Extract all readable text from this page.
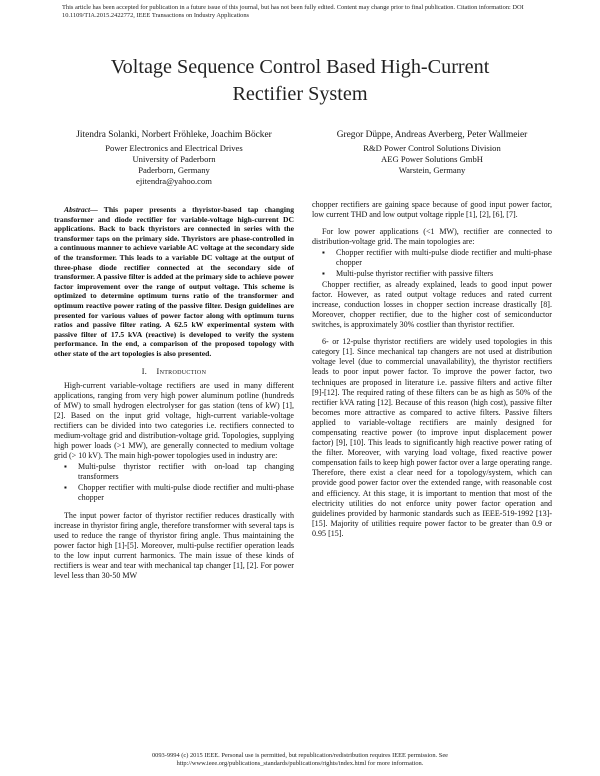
This article has been accepted for publication in a future issue of this journal, but has not been fully edited. Content may change prior to final publication. Citation information: DOI 10.1109/TIA.2015.2422772, IEEE Transactions on Industry Applications
Voltage Sequence Control Based High-Current
Rectifier System
Jitendra Solanki, Norbert Fröhleke, Joachim Böcker
Power Electronics and Electrical Drives
University of Paderborn
Paderborn, Germany
ejitendra@yahoo.com
Gregor Düppe, Andreas Averberg, Peter Wallmeier
R&D Power Control Solutions Division
AEG Power Solutions GmbH
Warstein, Germany

Abstract— This paper presents a thyristor-based tap changing transformer and diode rectifier for variable-voltage high-current DC applications. Back to back thyristors are connected in series with the transformer taps on the primary side. Thyristors are phase-controlled in a continuous manner to achieve variable AC voltage at the secondary side of the transformer. This leads to a variable DC voltage at the output of three-phase diode rectifier connected at the secondary side of transformer. A passive filter is added at the primary side to achieve power factor improvement over the range of output voltage. This scheme is optimized to determine optimum turns ratio of the transformer and optimum reactive power rating of the passive filter. Design guidelines are presented for various values of power factor along with optimum turns ratios and passive filter rating. A 62.5 kW experimental system with passive filter of 17.5 kVA (reactive) is developed to verify the system performance. In the end, a comparison of the proposed topology with other state of the art topologies is also presented.

I. Introduction

High-current variable-voltage rectifiers are used in many different applications, ranging from very high power aluminum potline (hundreds of MW) to small hydrogen electrolyser for gas station (tens of kW) [1], [2]. Based on the input grid voltage, high-current variable-voltage rectifiers can be divided into two categories i.e. rectifiers connected to medium-voltage grid and distribution-voltage grid. Topologies, supplying high power loads (>1 MW), are generally connected to medium voltage grid (> 10 kV). The main high-power topologies used in industry are:

▪ Multi-pulse thyristor rectifier with on-load tap changing transformers
▪ Chopper rectifier with multi-pulse diode rectifier and multi-phase chopper

The input power factor of thyristor rectifier reduces drastically with increase in thyristor firing angle, therefore transformer with several taps is used to reduce the range of thyristor firing angle. Thus maintaining the power factor high [1]-[5]. Moreover, multi-pulse rectifier operation leads to the low input current harmonics. The main issue of these kinds of rectifiers is wear and tear with mechanical tap changer [1], [2]. For power level less than 30-50 MW

chopper rectifiers are gaining space because of good input power factor, low current THD and low output voltage ripple [1], [2], [6], [7].

For low power applications (<1 MW), rectifier are connected to distribution-voltage grid. The main topologies are:

▪ Chopper rectifier with multi-pulse diode rectifier and multi-phase chopper
▪ Multi-pulse thyristor rectifier with passive filters

Chopper rectifier, as already explained, leads to good input power factor. However, as rated output voltage reduces and rated current increase, conduction losses in chopper section increase drastically [8]. Moreover, chopper rectifier, due to the higher cost of semiconductor switches, is approximately 30% costlier than thyristor rectifier.

6- or 12-pulse thyristor rectifiers are widely used topologies in this category [1]. Since mechanical tap changers are not used at distribution voltage level (due to commercial unavailability), the thyristor rectifiers leads to poor input power factor. To improve the power factor, two techniques are proposed in literature i.e. passive filters and active filter [9]-[12]. The required rating of these filters can be as high as 50% of the rectifier kVA rating [12]. Because of this reason (high cost), passive filter becomes more attractive as compared to active filters. Passive filters applied to variable-voltage rectifiers are mainly designed for compensating reactive power (to improve input displacement power factor) [9], [10]. This leads to significantly high reactive power rating of the filter. Moreover, with varying load voltage, fixed reactive power compensation fails to keep high power factor over a large operating range. Therefore, there exist a clear need for a topology/system, which can provide good power factor over the extended range, with reasonable cost and efficiency. At this stage, it is important to mention that most of the electricity utilities do not enforce unity power factor operation and guidelines provided by harmonic standards such as IEEE-519-1992 [13]-[15]. Majority of utilities require power factor to be greater than 0.9 or 0.95 [15].

0093-9994 (c) 2015 IEEE. Personal use is permitted, but republication/redistribution requires IEEE permission. See
http://www.ieee.org/publications_standards/publications/rights/index.html for more information.
